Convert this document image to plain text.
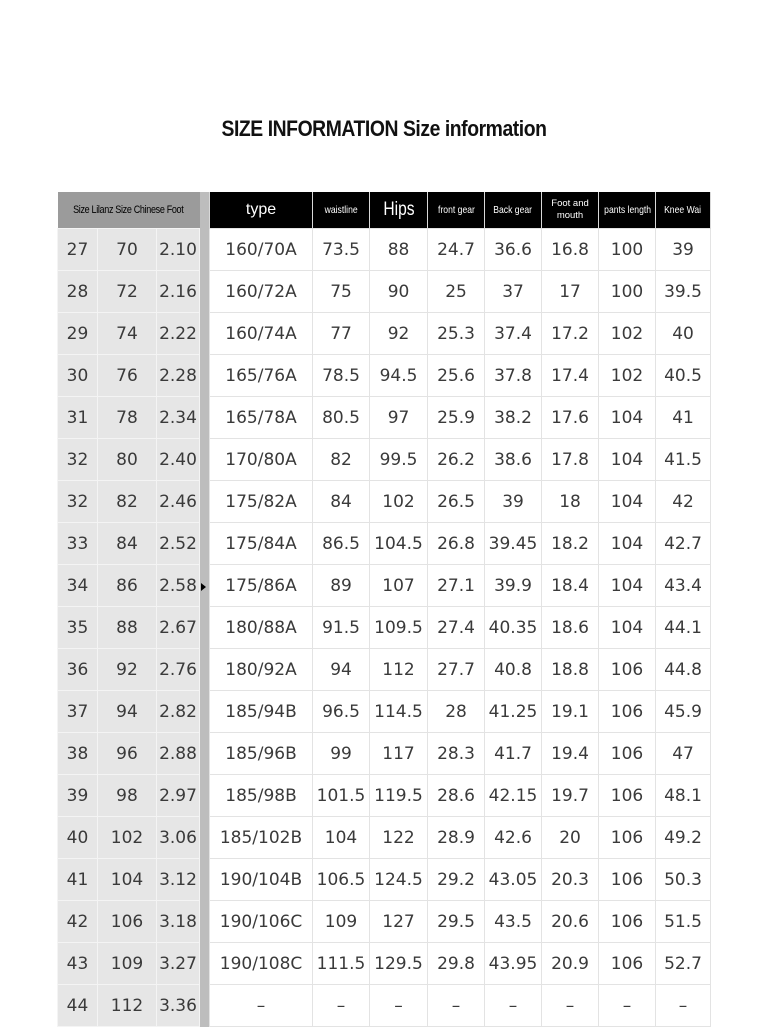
SIZE INFORMATION Size information
Size Lilanz Size Chinese Foot				type	waistline	Hips	front gear	Back gear	Foot and mouth	pants length	Knee Wai
27	70	2.10		160/70A	73.5	88	24.7	36.6	16.8	100	39
28	72	2.16		160/72A	75	90	25	37	17	100	39.5
29	74	2.22		160/74A	77	92	25.3	37.4	17.2	102	40
30	76	2.28		165/76A	78.5	94.5	25.6	37.8	17.4	102	40.5
31	78	2.34		165/78A	80.5	97	25.9	38.2	17.6	104	41
32	80	2.40		170/80A	82	99.5	26.2	38.6	17.8	104	41.5
32	82	2.46		175/82A	84	102	26.5	39	18	104	42
33	84	2.52		175/84A	86.5	104.5	26.8	39.45	18.2	104	42.7
34	86	2.58		175/86A	89	107	27.1	39.9	18.4	104	43.4
35	88	2.67		180/88A	91.5	109.5	27.4	40.35	18.6	104	44.1
36	92	2.76		180/92A	94	112	27.7	40.8	18.8	106	44.8
37	94	2.82		185/94B	96.5	114.5	28	41.25	19.1	106	45.9
38	96	2.88		185/96B	99	117	28.3	41.7	19.4	106	47
39	98	2.97		185/98B	101.5	119.5	28.6	42.15	19.7	106	48.1
40	102	3.06		185/102B	104	122	28.9	42.6	20	106	49.2
41	104	3.12		190/104B	106.5	124.5	29.2	43.05	20.3	106	50.3
42	106	3.18		190/106C	109	127	29.5	43.5	20.6	106	51.5
43	109	3.27		190/108C	111.5	129.5	29.8	43.95	20.9	106	52.7
44	112	3.36		–	–	–	–	–	–	–	–
